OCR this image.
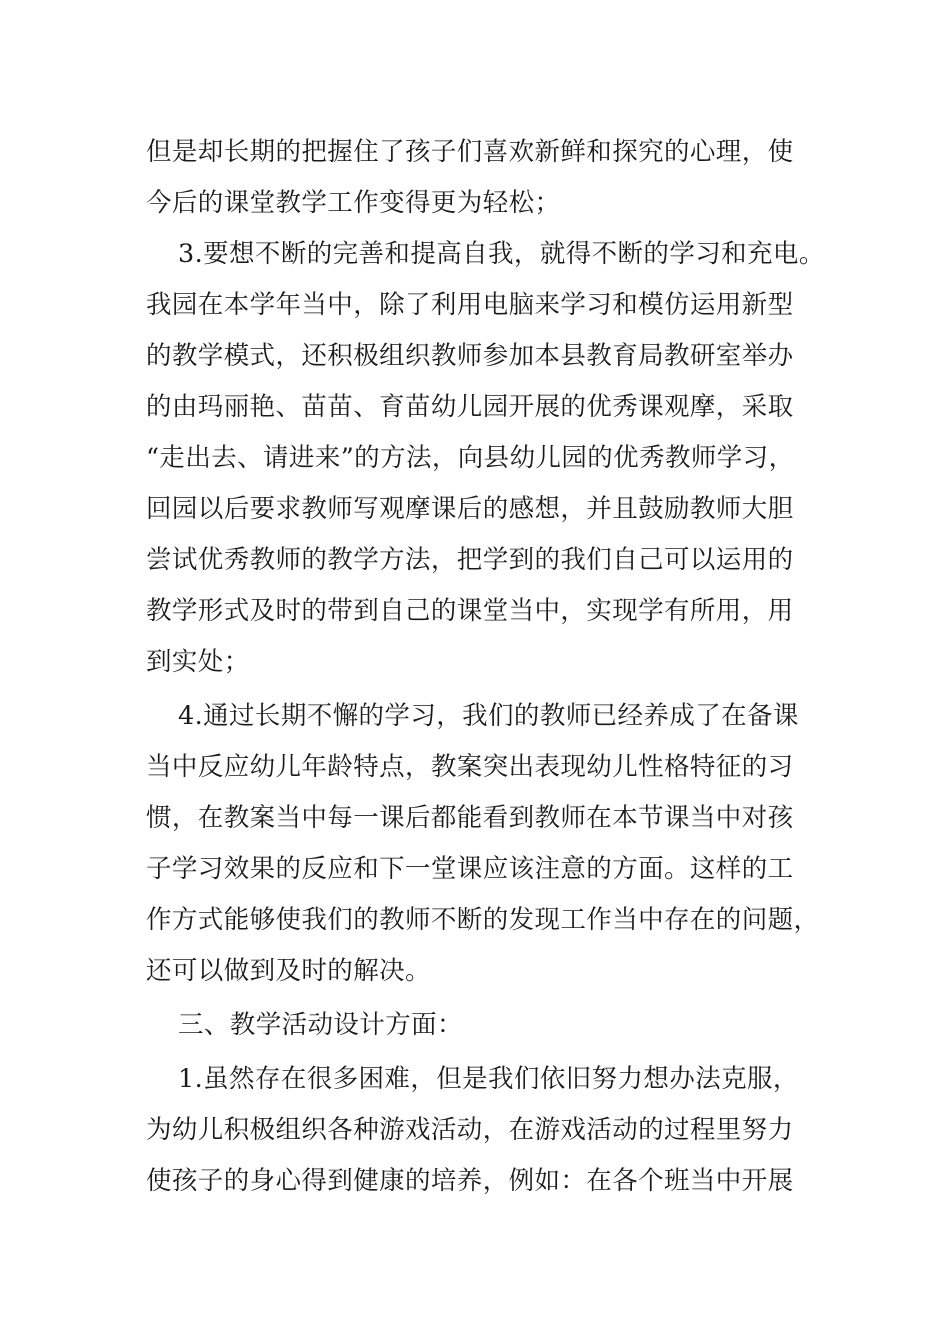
但是却长期的把握住了孩子们喜欢新鲜和探究的心理，使
今后的课堂教学工作变得更为轻松；
3.要想不断的完善和提高自我，就得不断的学习和充电。
我园在本学年当中，除了利用电脑来学习和模仿运用新型
的教学模式，还积极组织教师参加本县教育局教研室举办
的由玛丽艳、苗苗、育苗幼儿园开展的优秀课观摩，采取
“走出去、请进来”的方法，向县幼儿园的优秀教师学习，
回园以后要求教师写观摩课后的感想，并且鼓励教师大胆
尝试优秀教师的教学方法，把学到的我们自己可以运用的
教学形式及时的带到自己的课堂当中，实现学有所用，用
到实处；
4.通过长期不懈的学习，我们的教师已经养成了在备课
当中反应幼儿年龄特点，教案突出表现幼儿性格特征的习
惯，在教案当中每一课后都能看到教师在本节课当中对孩
子学习效果的反应和下一堂课应该注意的方面。这样的工
作方式能够使我们的教师不断的发现工作当中存在的问题，
还可以做到及时的解决。
三、教学活动设计方面：
1.虽然存在很多困难，但是我们依旧努力想办法克服，
为幼儿积极组织各种游戏活动，在游戏活动的过程里努力
使孩子的身心得到健康的培养，例如：在各个班当中开展
